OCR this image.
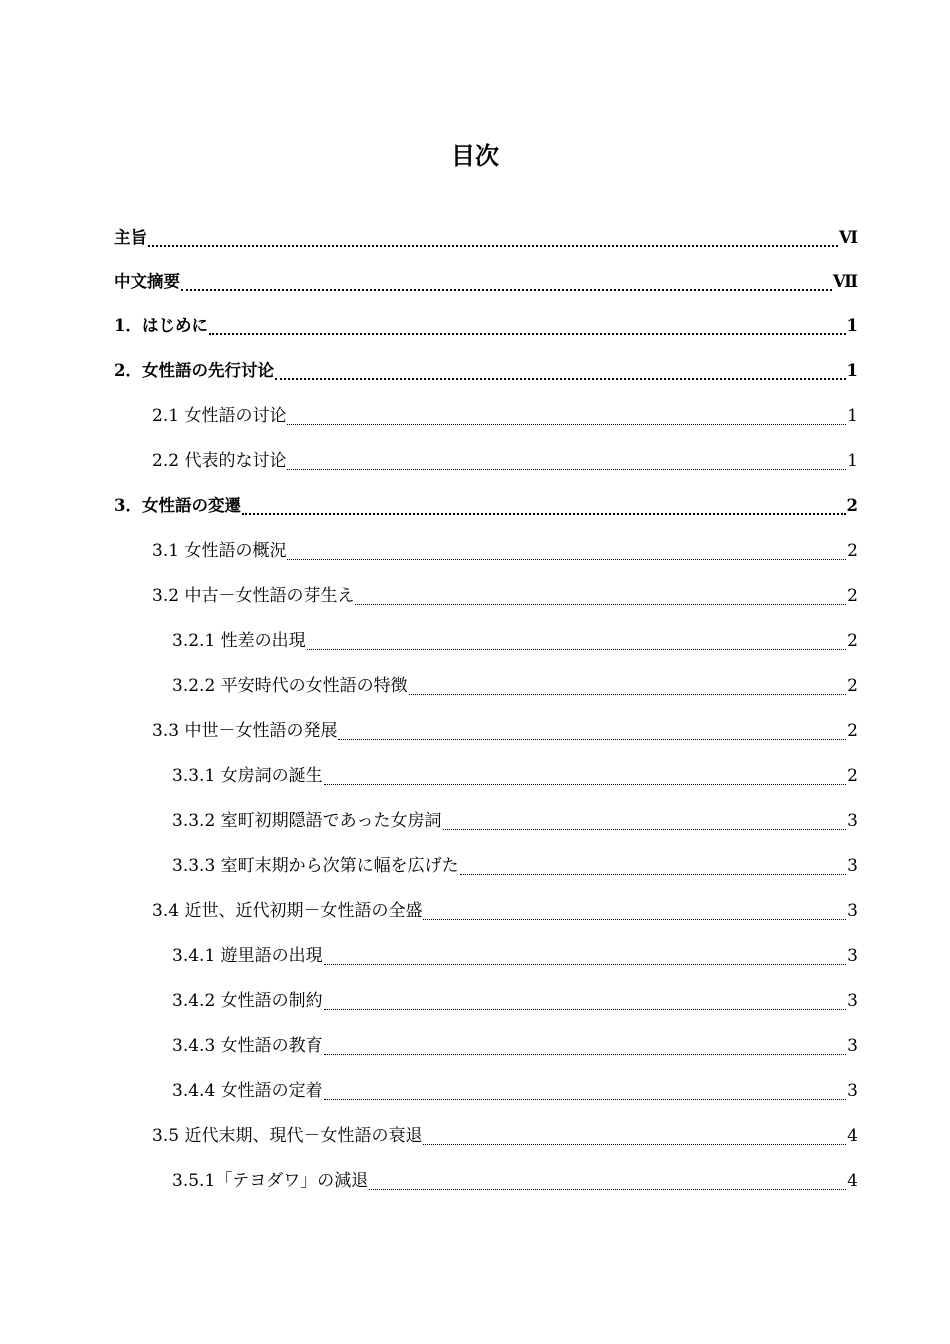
目次
主旨	Ⅵ
中文摘要	Ⅶ
1．はじめに	1
2．女性語の先行讨论	1
2.1 女性語の讨论	1
2.2 代表的な讨论	1
3．女性語の変遷	2
3.1 女性語の概況	2
3.2 中古－女性語の芽生え	2
3.2.1 性差の出現	2
3.2.2 平安時代の女性語の特徴	2
3.3 中世－女性語の発展	2
3.3.1 女房詞の誕生	2
3.3.2 室町初期隠語であった女房詞	3
3.3.3 室町末期から次第に幅を広げた	3
3.4 近世、近代初期－女性語の全盛	3
3.4.1 遊里語の出現	3
3.4.2 女性語の制約	3
3.4.3 女性語の教育	3
3.4.4 女性語の定着	3
3.5 近代末期、現代－女性語の衰退	4
3.5.1「テヨダワ」の減退	4
